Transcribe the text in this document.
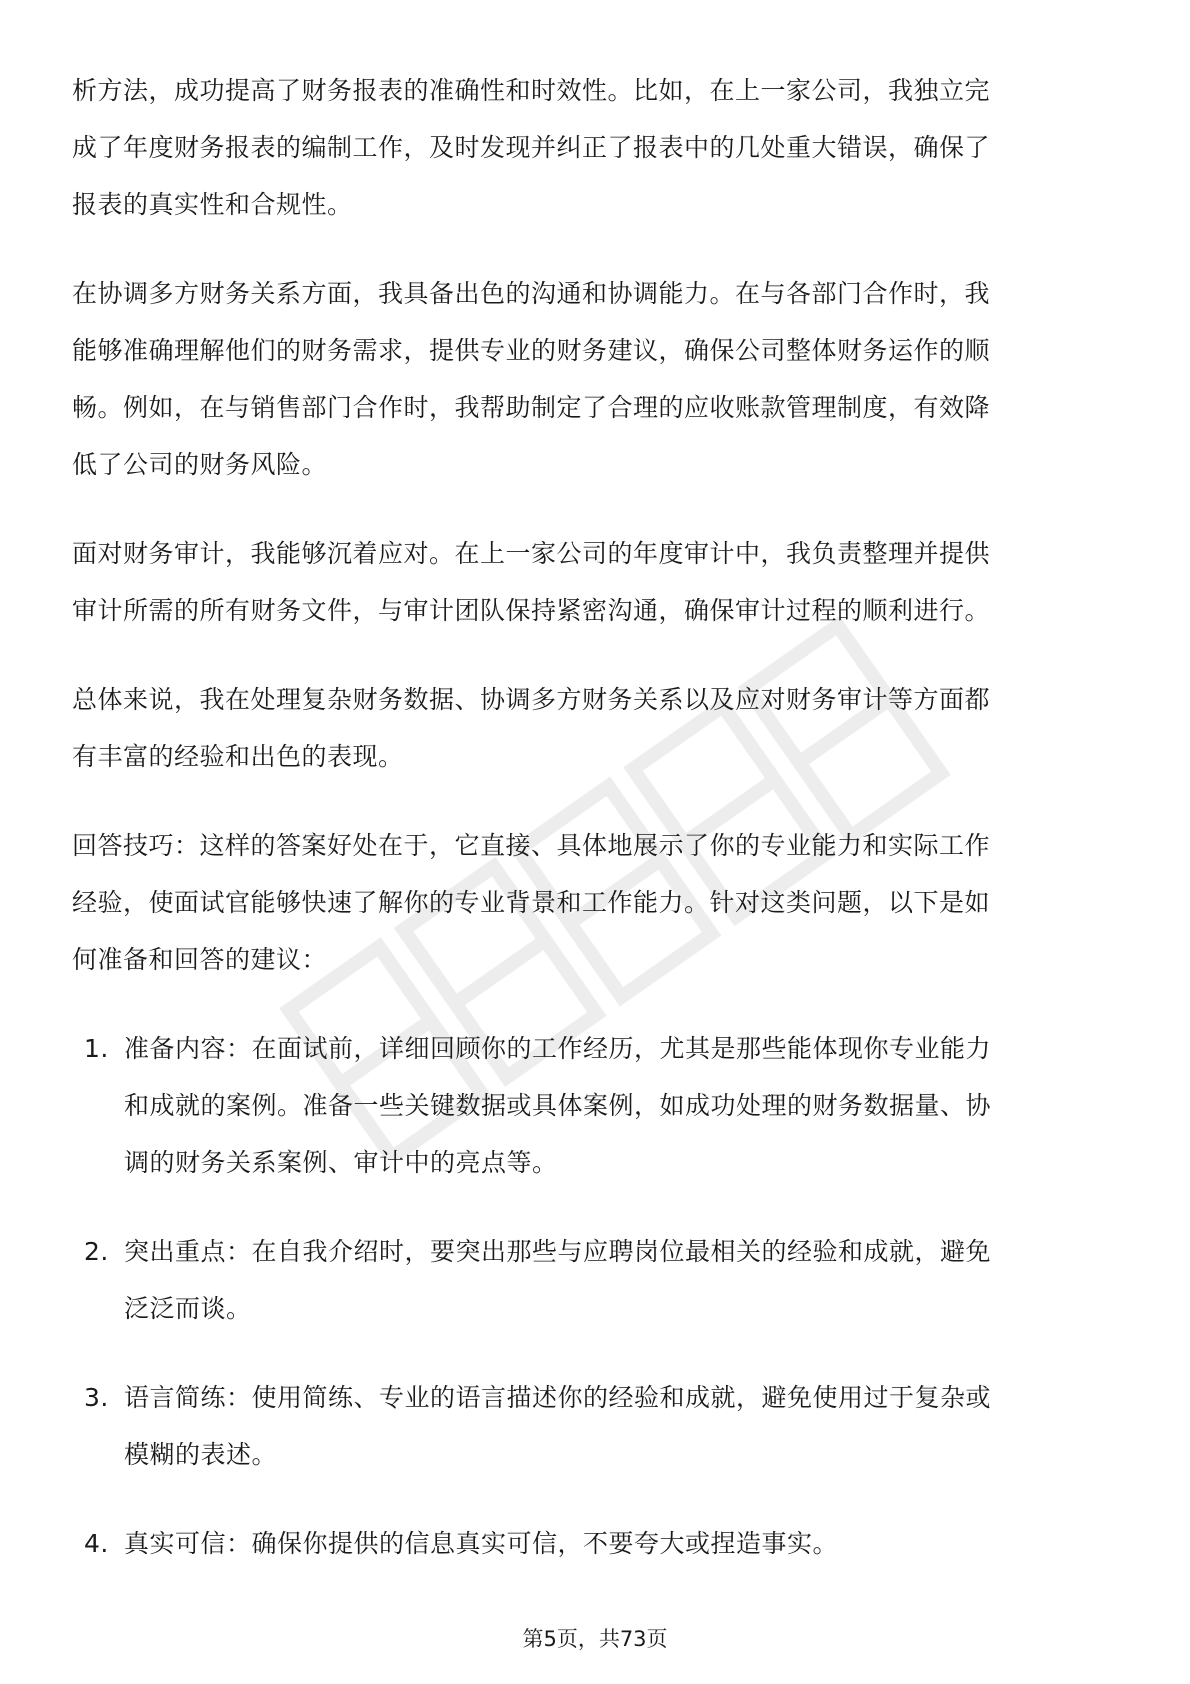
析方法，成功提高了财务报表的准确性和时效性。比如，在上一家公司，我独立完
成了年度财务报表的编制工作，及时发现并纠正了报表中的几处重大错误，确保了
报表的真实性和合规性。

在协调多方财务关系方面，我具备出色的沟通和协调能力。在与各部门合作时，我
能够准确理解他们的财务需求，提供专业的财务建议，确保公司整体财务运作的顺
畅。例如，在与销售部门合作时，我帮助制定了合理的应收账款管理制度，有效降
低了公司的财务风险。

面对财务审计，我能够沉着应对。在上一家公司的年度审计中，我负责整理并提供
审计所需的所有财务文件，与审计团队保持紧密沟通，确保审计过程的顺利进行。

总体来说，我在处理复杂财务数据、协调多方财务关系以及应对财务审计等方面都
有丰富的经验和出色的表现。

回答技巧：这样的答案好处在于，它直接、具体地展示了你的专业能力和实际工作
经验，使面试官能够快速了解你的专业背景和工作能力。针对这类问题，以下是如
何准备和回答的建议：

1. 准备内容：在面试前，详细回顾你的工作经历，尤其是那些能体现你专业能力
和成就的案例。准备一些关键数据或具体案例，如成功处理的财务数据量、协
调的财务关系案例、审计中的亮点等。
2. 突出重点：在自我介绍时，要突出那些与应聘岗位最相关的经验和成就，避免
泛泛而谈。
3. 语言简练：使用简练、专业的语言描述你的经验和成就，避免使用过于复杂或
模糊的表述。
4. 真实可信：确保你提供的信息真实可信，不要夸大或捏造事实。
第5页，共73页
